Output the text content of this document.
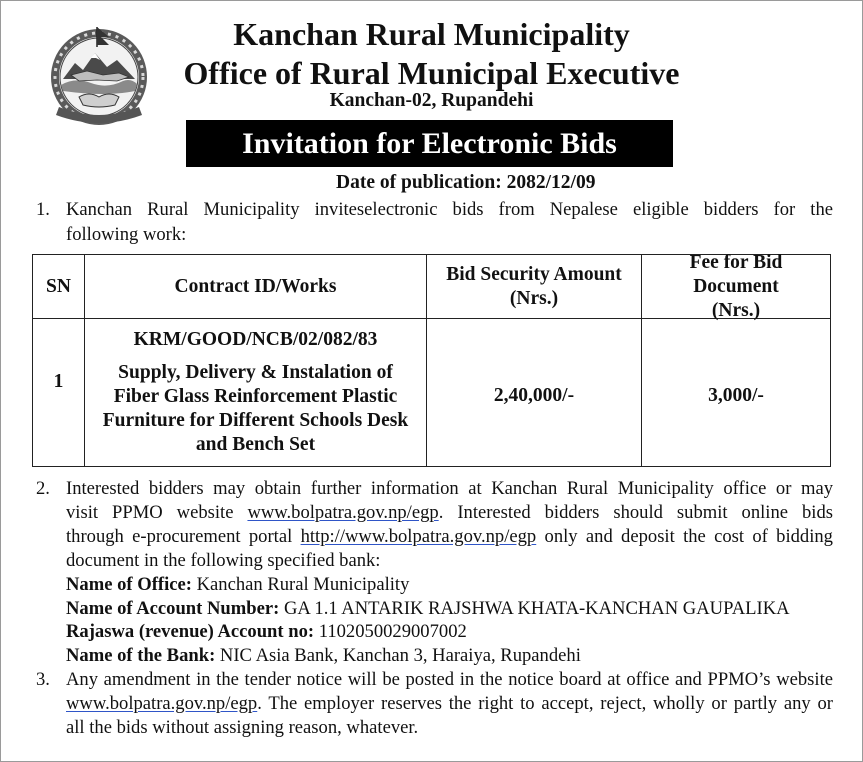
Kanchan Rural Municipality
Office of Rural Municipal Executive
Kanchan-02, Rupandehi
Invitation for Electronic Bids
Date of publication: 2082/12/09
1. Kanchan Rural Municipality inviteselectronic bids from Nepalese eligible bidders for the
following work:
SN	Contract ID/Works
Bid Security Amount (Nrs.)
Fee for Bid Document (Nrs.)
1
KRM/GOOD/NCB/02/082/83
Supply, Delivery & Instalation of Fiber Glass Reinforcement Plastic Furniture for Different Schools Desk and Bench Set
2,40,000/-	3,000/-
2. Interested bidders may obtain further information at Kanchan Rural Municipality office or may
visit PPMO website www.bolpatra.gov.np/egp. Interested bidders should submit online bids
through e-procurement portal http://www.bolpatra.gov.np/egp only and deposit the cost of bidding
document in the following specified bank:
Name of Office: Kanchan Rural Municipality
Name of Account Number: GA 1.1 ANTARIK RAJSHWA KHATA-KANCHAN GAUPALIKA
Rajaswa (revenue) Account no: 1102050029007002
Name of the Bank: NIC Asia Bank, Kanchan 3, Haraiya, Rupandehi
3. Any amendment in the tender notice will be posted in the notice board at office and PPMO’s website
www.bolpatra.gov.np/egp. The employer reserves the right to accept, reject, wholly or partly any or
all the bids without assigning reason, whatever.
